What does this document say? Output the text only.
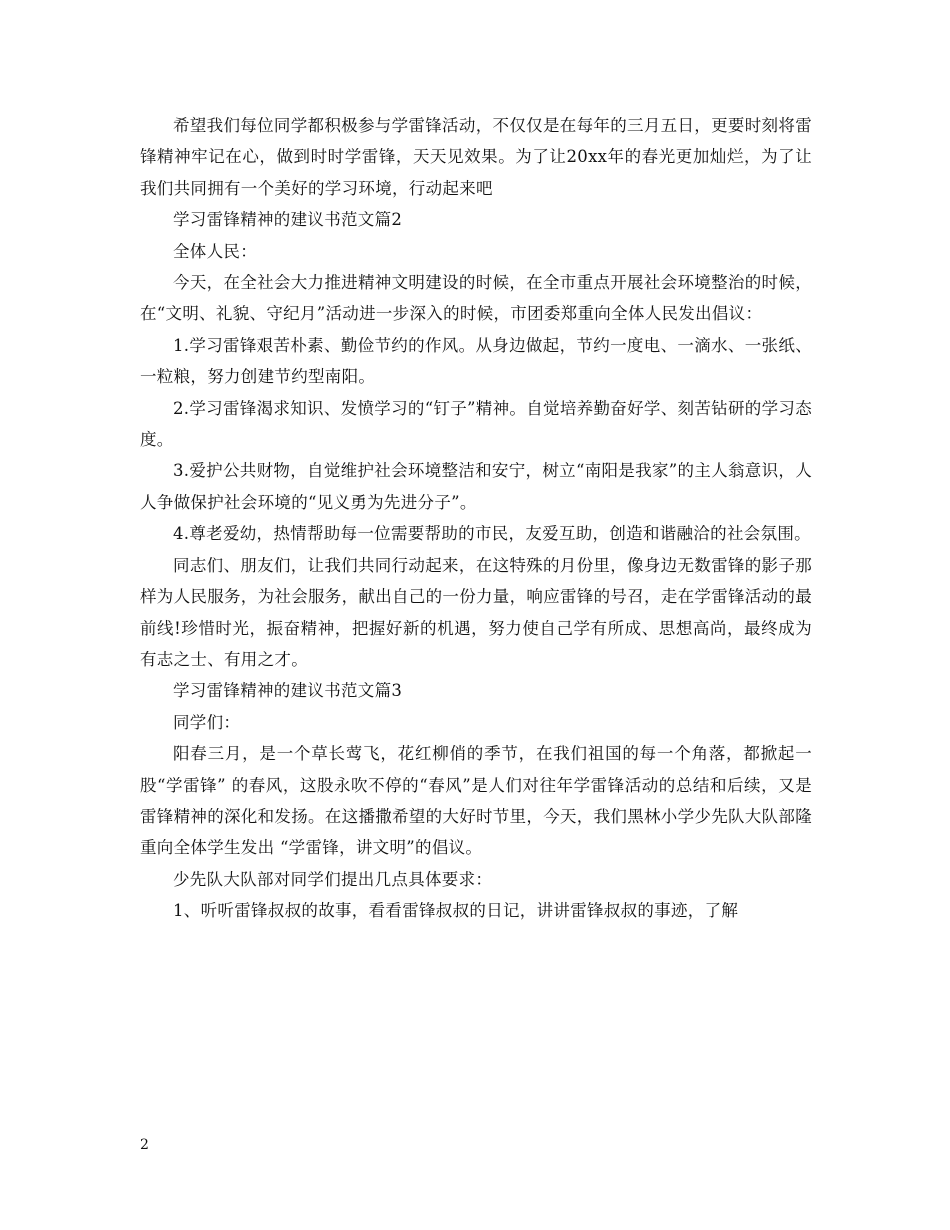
希望我们每位同学都积极参与学雷锋活动，不仅仅是在每年的三月五日，更要时刻将雷锋精神牢记在心，做到时时学雷锋，天天见效果。为了让20xx年的春光更加灿烂，为了让我们共同拥有一个美好的学习环境，行动起来吧

学习雷锋精神的建议书范文篇2

全体人民：

今天，在全社会大力推进精神文明建设的时候，在全市重点开展社会环境整治的时候，在“文明、礼貌、守纪月”活动进一步深入的时候，市团委郑重向全体人民发出倡议：

1.学习雷锋艰苦朴素、勤俭节约的作风。从身边做起，节约一度电、一滴水、一张纸、一粒粮，努力创建节约型南阳。

2.学习雷锋渴求知识、发愤学习的“钉子”精神。自觉培养勤奋好学、刻苦钻研的学习态度。

3.爱护公共财物，自觉维护社会环境整洁和安宁，树立“南阳是我家”的主人翁意识，人人争做保护社会环境的“见义勇为先进分子”。

4.尊老爱幼，热情帮助每一位需要帮助的市民，友爱互助，创造和谐融洽的社会氛围。

同志们、朋友们，让我们共同行动起来，在这特殊的月份里，像身边无数雷锋的影子那样为人民服务，为社会服务，献出自己的一份力量，响应雷锋的号召，走在学雷锋活动的最前线!珍惜时光，振奋精神，把握好新的机遇，努力使自己学有所成、思想高尚，最终成为有志之士、有用之才。

学习雷锋精神的建议书范文篇3

同学们：

阳春三月，是一个草长莺飞，花红柳俏的季节，在我们祖国的每一个角落，都掀起一股“学雷锋” 的春风，这股永吹不停的“春风”是人们对往年学雷锋活动的总结和后续，又是雷锋精神的深化和发扬。在这播撒希望的大好时节里，今天，我们黑林小学少先队大队部隆重向全体学生发出 “学雷锋，讲文明”的倡议。

少先队大队部对同学们提出几点具体要求：

1、听听雷锋叔叔的故事，看看雷锋叔叔的日记，讲讲雷锋叔叔的事迹，了解

2
